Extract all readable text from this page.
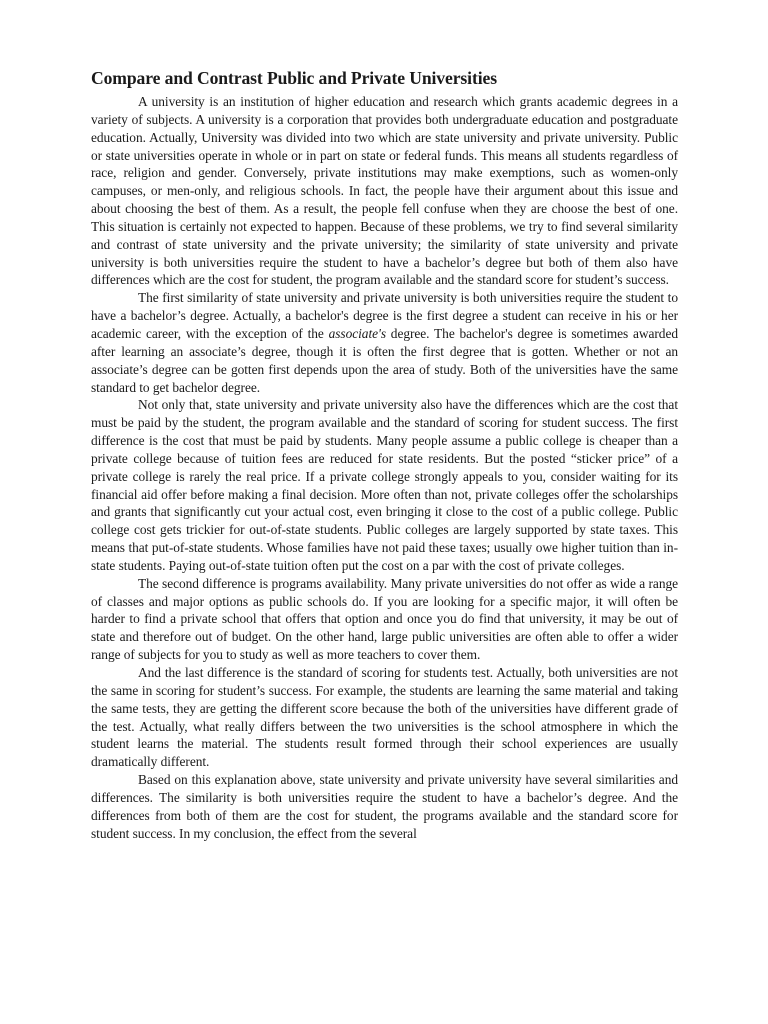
Compare and Contrast Public and Private Universities

A university is an institution of higher education and research which grants academic degrees in a variety of subjects. A university is a corporation that provides both undergraduate education and postgraduate education. Actually, University was divided into two which are state university and private university. Public or state universities operate in whole or in part on state or federal funds. This means all students regardless of race, religion and gender. Conversely, private institutions may make exemptions, such as women-only campuses, or men-only, and religious schools. In fact, the people have their argument about this issue and about choosing the best of them. As a result, the people fell confuse when they are choose the best of one. This situation is certainly not expected to happen. Because of these problems, we try to find several similarity and contrast of state university and the private university; the similarity of state university and private university is both universities require the student to have a bachelor’s degree but both of them also have differences which are the cost for student, the program available and the standard score for student’s success.

The first similarity of state university and private university is both universities require the student to have a bachelor’s degree. Actually, a bachelor's degree is the first degree a student can receive in his or her academic career, with the exception of the associate's degree. The bachelor's degree is sometimes awarded after learning an associate’s degree, though it is often the first degree that is gotten. Whether or not an associate’s degree can be gotten first depends upon the area of study. Both of the universities have the same standard to get bachelor degree.

Not only that, state university and private university also have the differences which are the cost that must be paid by the student, the program available and the standard of scoring for student success. The first difference is the cost that must be paid by students. Many people assume a public college is cheaper than a private college because of tuition fees are reduced for state residents. But the posted “sticker price” of a private college is rarely the real price. If a private college strongly appeals to you, consider waiting for its financial aid offer before making a final decision. More often than not, private colleges offer the scholarships and grants that significantly cut your actual cost, even bringing it close to the cost of a public college. Public college cost gets trickier for out-of-state students. Public colleges are largely supported by state taxes. This means that put-of-state students. Whose families have not paid these taxes; usually owe higher tuition than in-state students. Paying out-of-state tuition often put the cost on a par with the cost of private colleges.

The second difference is programs availability. Many private universities do not offer as wide a range of classes and major options as public schools do. If you are looking for a specific major, it will often be harder to find a private school that offers that option and once you do find that university, it may be out of state and therefore out of budget. On the other hand, large public universities are often able to offer a wider range of subjects for you to study as well as more teachers to cover them.

And the last difference is the standard of scoring for students test. Actually, both universities are not the same in scoring for student’s success. For example, the students are learning the same material and taking the same tests, they are getting the different score because the both of the universities have different grade of the test. Actually, what really differs between the two universities is the school atmosphere in which the student learns the material. The students result formed through their school experiences are usually dramatically different.

Based on this explanation above, state university and private university have several similarities and differences. The similarity is both universities require the student to have a bachelor’s degree. And the differences from both of them are the cost for student, the programs available and the standard score for student success. In my conclusion, the effect from the several
